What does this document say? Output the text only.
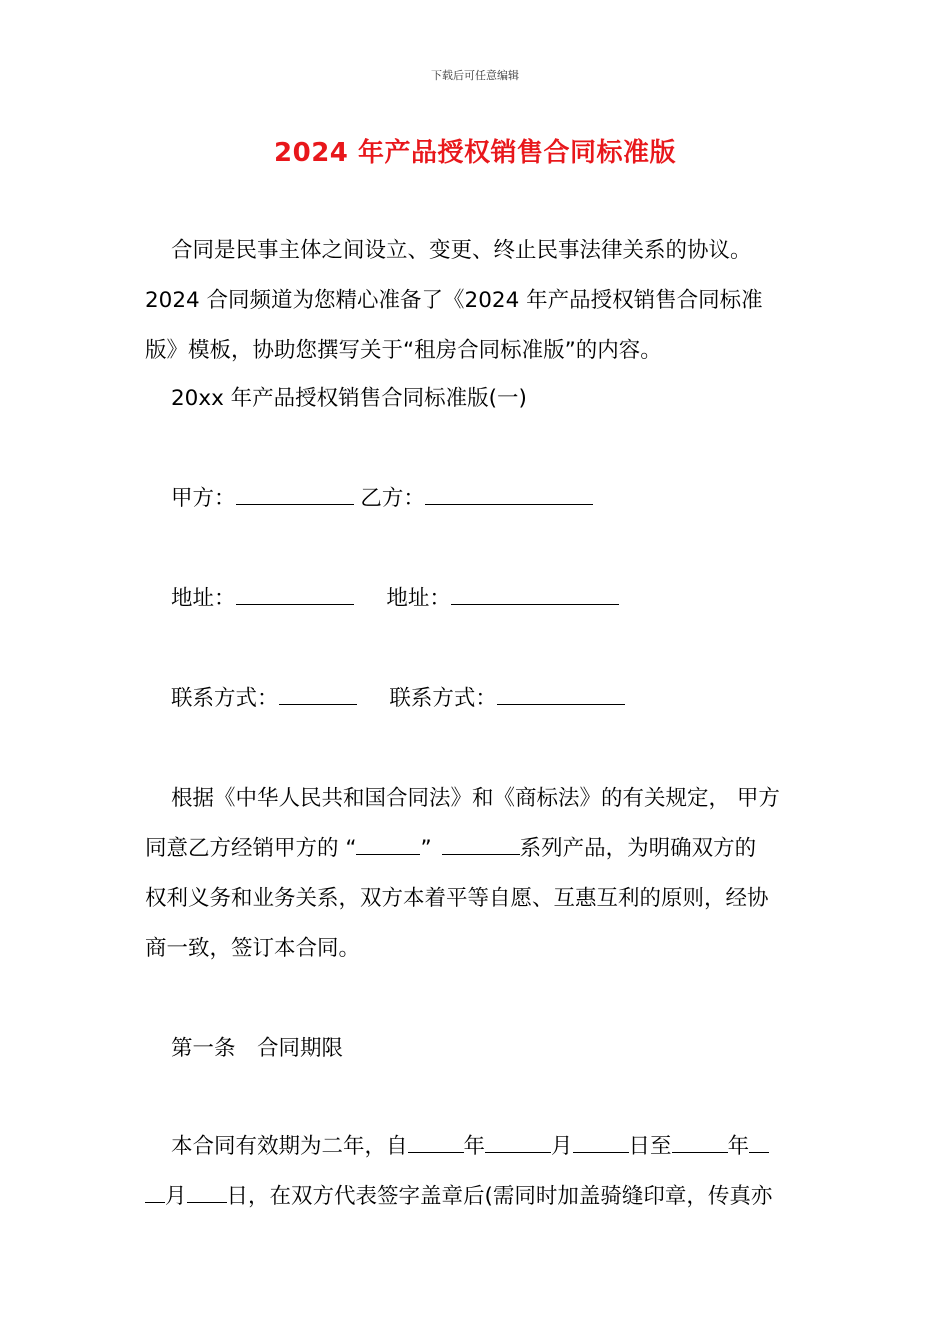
下载后可任意编辑
2024 年产品授权销售合同标准版
合同是民事主体之间设立、变更、终止民事法律关系的协议。
2024 合同频道为您精心准备了《2024 年产品授权销售合同标准
版》模板，协助您撰写关于“租房合同标准版”的内容。
20xx 年产品授权销售合同标准版(一)
甲方：	乙方：
地址：	地址：
联系方式：	联系方式：
根据《中华人民共和国合同法》和《商标法》的有关规定， 甲方
同意乙方经销甲方的 “	”	系列产品，为明确双方的
权利义务和业务关系，双方本着平等自愿、互惠互利的原则，经协
商一致，签订本合同。
第一条　合同期限
本合同有效期为二年，自	年	月	日至	年
月 日，在双方代表签字盖章后(需同时加盖骑缝印章，传真亦
